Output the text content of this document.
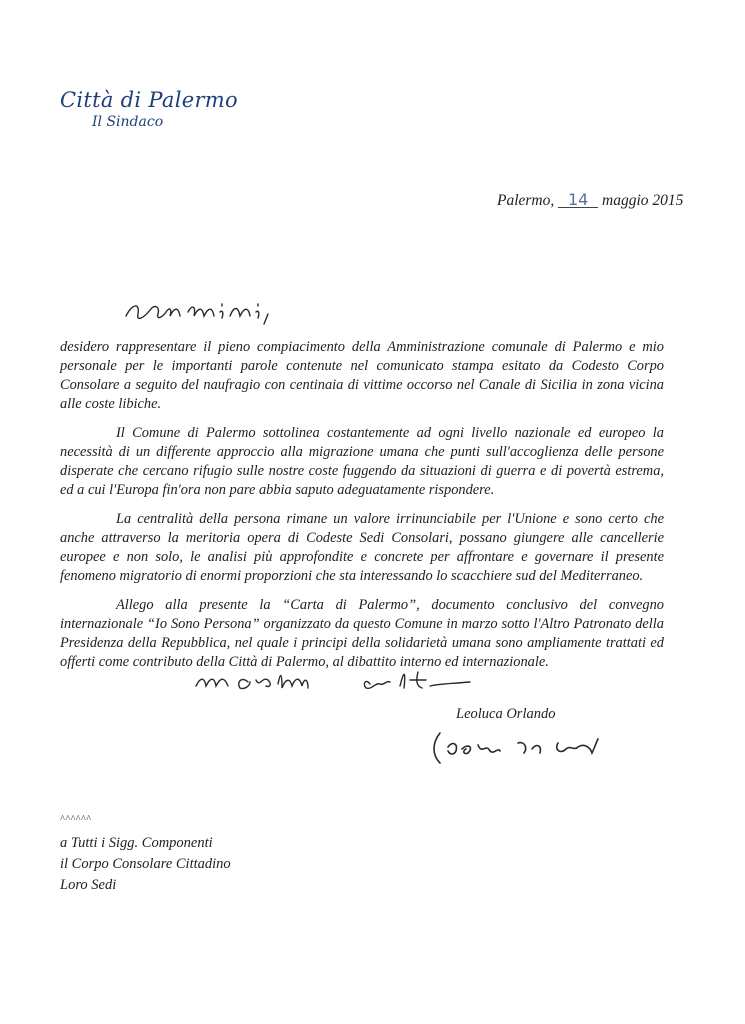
Città di Palermo
Il Sindaco
Palermo, 14 maggio 2015

desidero rappresentare il pieno compiacimento della Amministrazione comunale di Palermo e mio personale per le importanti parole contenute nel comunicato stampa esitato da Codesto Corpo Consolare a seguito del naufragio con centinaia di vittime occorso nel Canale di Sicilia in zona vicina alle coste libiche.

Il Comune di Palermo sottolinea costantemente ad ogni livello nazionale ed europeo la necessità di un differente approccio alla migrazione umana che punti sull'accoglienza delle persone disperate che cercano rifugio sulle nostre coste fuggendo da situazioni di guerra e di povertà estrema, ed a cui l'Europa fin'ora non pare abbia saputo adeguatamente rispondere.

La centralità della persona rimane un valore irrinunciabile per l'Unione e sono certo che anche attraverso la meritoria opera di Codeste Sedi Consolari, possano giungere alle cancellerie europee e non solo, le analisi più approfondite e concrete per affrontare e governare il presente fenomeno migratorio di enormi proporzioni che sta interessando lo scacchiere sud del Mediterraneo.

Allego alla presente la “Carta di Palermo”, documento conclusivo del convegno internazionale “Io Sono Persona” organizzato da questo Comune in marzo sotto l'Altro Patronato della Presidenza della Repubblica, nel quale i principi della solidarietà umana sono ampliamente trattati ed offerti come contributo della Città di Palermo, al dibattito interno ed internazionale.

Leoluca Orlando
^^^^^^
a Tutti i Sigg. Componenti
il Corpo Consolare Cittadino
Loro Sedi
